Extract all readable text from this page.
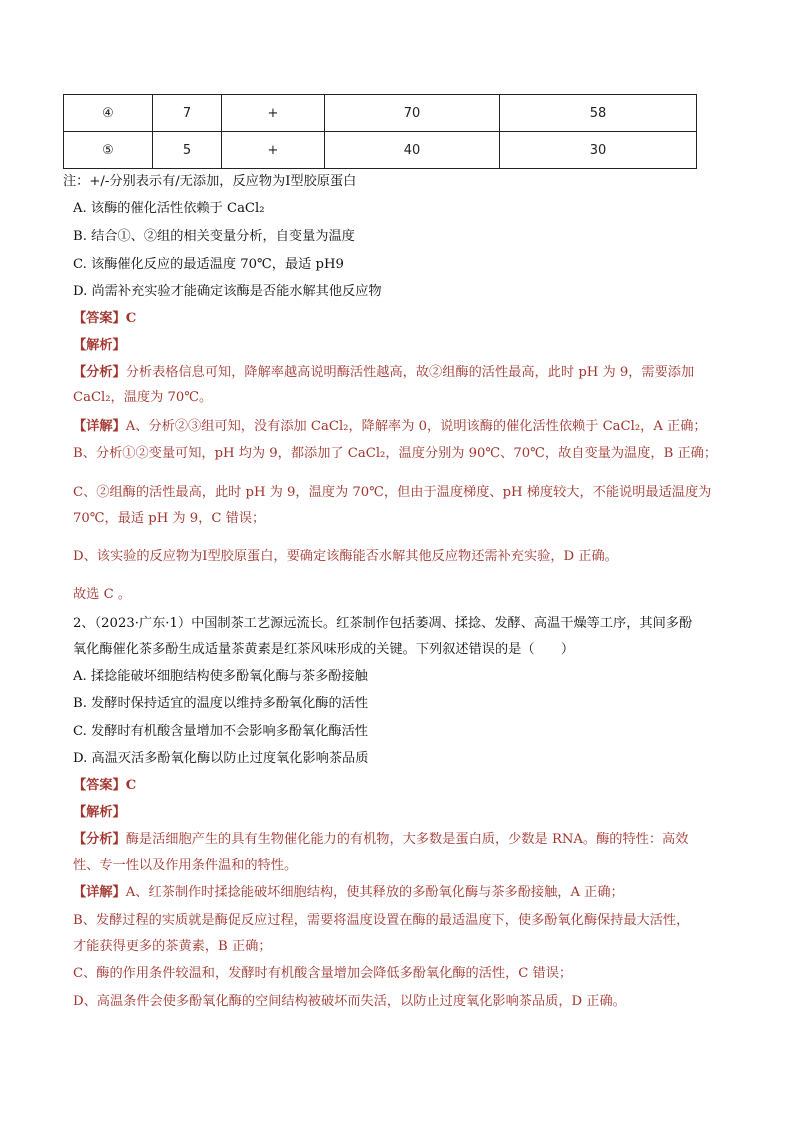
④	7	+	70	58
⑤	5	+	40	30
注：+/-分别表示有/无添加，反应物为Ⅰ型胶原蛋白
A. 该酶的催化活性依赖于 CaCl₂
B. 结合①、②组的相关变量分析，自变量为温度
C. 该酶催化反应的最适温度 70℃，最适 pH9
D. 尚需补充实验才能确定该酶是否能水解其他反应物
【答案】C
【解析】
【分析】分析表格信息可知，降解率越高说明酶活性越高，故②组酶的活性最高，此时 pH 为 9，需要添加
CaCl₂，温度为 70℃。
【详解】A、分析②③组可知，没有添加 CaCl₂，降解率为 0，说明该酶的催化活性依赖于 CaCl₂，A 正确；
B、分析①②变量可知，pH 均为 9，都添加了 CaCl₂，温度分别为 90℃、70℃，故自变量为温度，B 正确；
C、②组酶的活性最高，此时 pH 为 9，温度为 70℃，但由于温度梯度、pH 梯度较大，不能说明最适温度为
70℃，最适 pH 为 9，C 错误；
D、该实验的反应物为Ⅰ型胶原蛋白，要确定该酶能否水解其他反应物还需补充实验，D 正确。
故选 C 。
2、（2023·广东·1）中国制茶工艺源远流长。红茶制作包括萎凋、揉捻、发酵、高温干燥等工序，其间多酚
氧化酶催化茶多酚生成适量茶黄素是红茶风味形成的关键。下列叙述错误的是（　　）
A. 揉捻能破坏细胞结构使多酚氧化酶与茶多酚接触
B. 发酵时保持适宜的温度以维持多酚氧化酶的活性
C. 发酵时有机酸含量增加不会影响多酚氧化酶活性
D. 高温灭活多酚氧化酶以防止过度氧化影响茶品质
【答案】C
【解析】
【分析】酶是活细胞产生的具有生物催化能力的有机物，大多数是蛋白质，少数是 RNA。酶的特性：高效
性、专一性以及作用条件温和的特性。
【详解】A、红茶制作时揉捻能破坏细胞结构，使其释放的多酚氧化酶与茶多酚接触，A 正确；
B、发酵过程的实质就是酶促反应过程，需要将温度设置在酶的最适温度下，使多酚氧化酶保持最大活性，
才能获得更多的茶黄素，B 正确；
C、酶的作用条件较温和，发酵时有机酸含量增加会降低多酚氧化酶的活性，C 错误；
D、高温条件会使多酚氧化酶的空间结构被破坏而失活，以防止过度氧化影响茶品质，D 正确。
